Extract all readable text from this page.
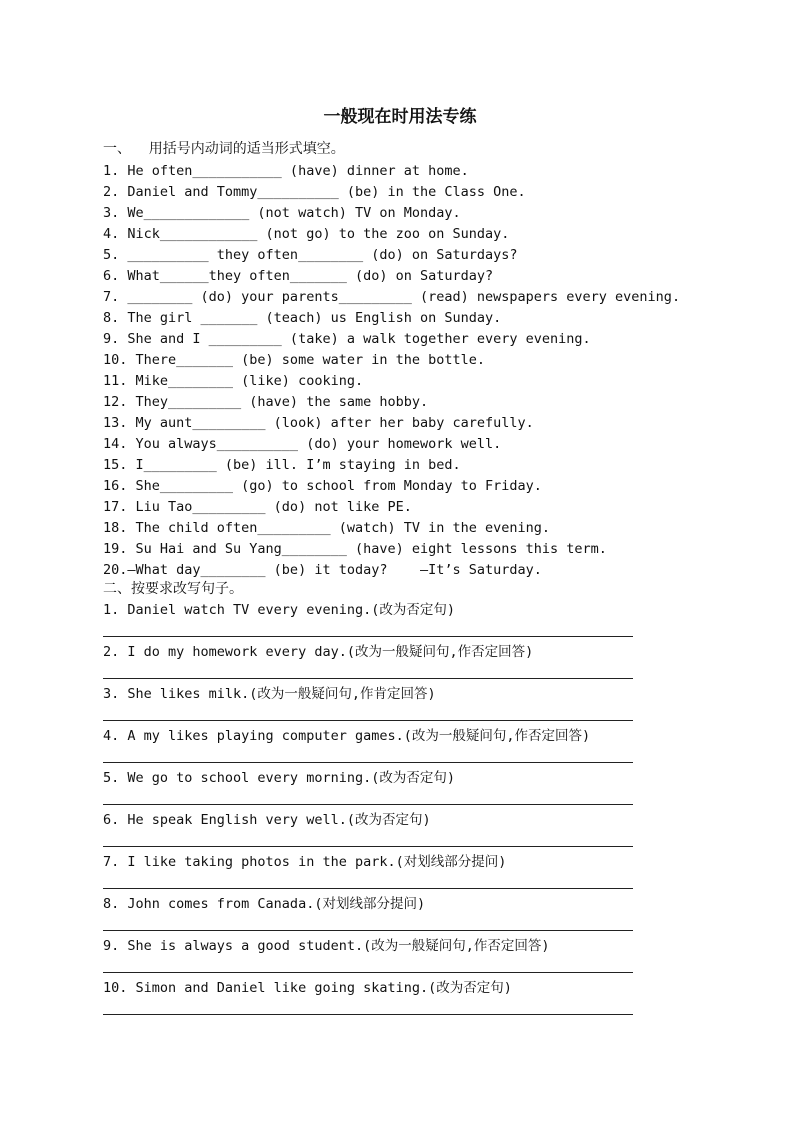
一般现在时用法专练
一、    用括号内动词的适当形式填空。
1. He often___________ (have) dinner at home.
2. Daniel and Tommy__________ (be) in the Class One.
3. We_____________ (not watch) TV on Monday.
4. Nick____________ (not go) to the zoo on Sunday.
5. __________ they often________ (do) on Saturdays?
6. What______they often_______ (do) on Saturday?
7. ________ (do) your parents_________ (read) newspapers every evening.
8. The girl _______ (teach) us English on Sunday.
9. She and I _________ (take) a walk together every evening.
10. There_______ (be) some water in the bottle.
11. Mike________ (like) cooking.
12. They_________ (have) the same hobby.
13. My aunt_________ (look) after her baby carefully.
14. You always__________ (do) your homework well.
15. I_________ (be) ill. I’m staying in bed.
16. She_________ (go) to school from Monday to Friday.
17. Liu Tao_________ (do) not like PE.
18. The child often_________ (watch) TV in the evening.
19. Su Hai and Su Yang________ (have) eight lessons this term.
20.—What day________ (be) it today?    —It’s Saturday.
二、按要求改写句子。
1. Daniel watch TV every evening.(改为否定句)
2. I do my homework every day.(改为一般疑问句,作否定回答)
3. She likes milk.(改为一般疑问句,作肯定回答)
4. A my likes playing computer games.(改为一般疑问句,作否定回答)
5. We go to school every morning.(改为否定句)
6. He speak English very well.(改为否定句)
7. I like taking photos in the park.(对划线部分提问)
8. John comes from Canada.(对划线部分提问)
9. She is always a good student.(改为一般疑问句,作否定回答)
10. Simon and Daniel like going skating.(改为否定句)
